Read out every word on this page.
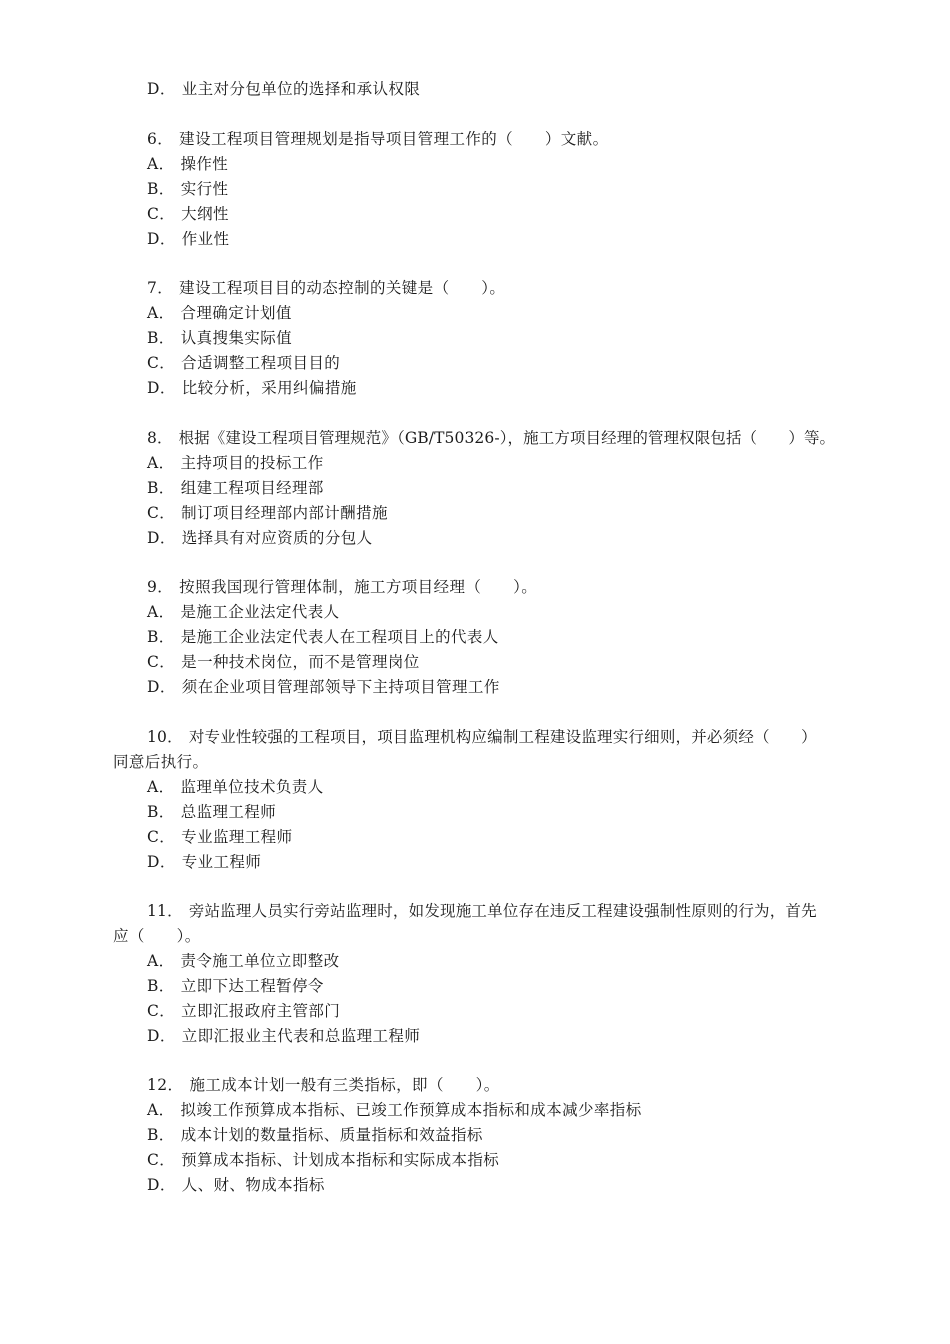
D． 业主对分包单位的选择和承认权限
6． 建设工程项目管理规划是指导项目管理工作的（　　）文献。
A． 操作性
B． 实行性
C． 大纲性
D． 作业性
7． 建设工程项目目的动态控制的关键是（　　）。
A． 合理确定计划值
B． 认真搜集实际值
C． 合适调整工程项目目的
D． 比较分析，采用纠偏措施
8． 根据《建设工程项目管理规范》（GB/T50326-），施工方项目经理的管理权限包括（　　）等。
A． 主持项目的投标工作
B． 组建工程项目经理部
C． 制订项目经理部内部计酬措施
D． 选择具有对应资质的分包人
9． 按照我国现行管理体制，施工方项目经理（　　）。
A． 是施工企业法定代表人
B． 是施工企业法定代表人在工程项目上的代表人
C． 是一种技术岗位，而不是管理岗位
D． 须在企业项目管理部领导下主持项目管理工作
10． 对专业性较强的工程项目，项目监理机构应编制工程建设监理实行细则，并必须经（　　）
同意后执行。
A． 监理单位技术负责人
B． 总监理工程师
C． 专业监理工程师
D． 专业工程师
11． 旁站监理人员实行旁站监理时，如发现施工单位存在违反工程建设强制性原则的行为，首先
应（　　）。
A． 责令施工单位立即整改
B． 立即下达工程暂停令
C． 立即汇报政府主管部门
D． 立即汇报业主代表和总监理工程师
12． 施工成本计划一般有三类指标，即（　　）。
A． 拟竣工作预算成本指标、已竣工作预算成本指标和成本减少率指标
B． 成本计划的数量指标、质量指标和效益指标
C． 预算成本指标、计划成本指标和实际成本指标
D． 人、财、物成本指标
